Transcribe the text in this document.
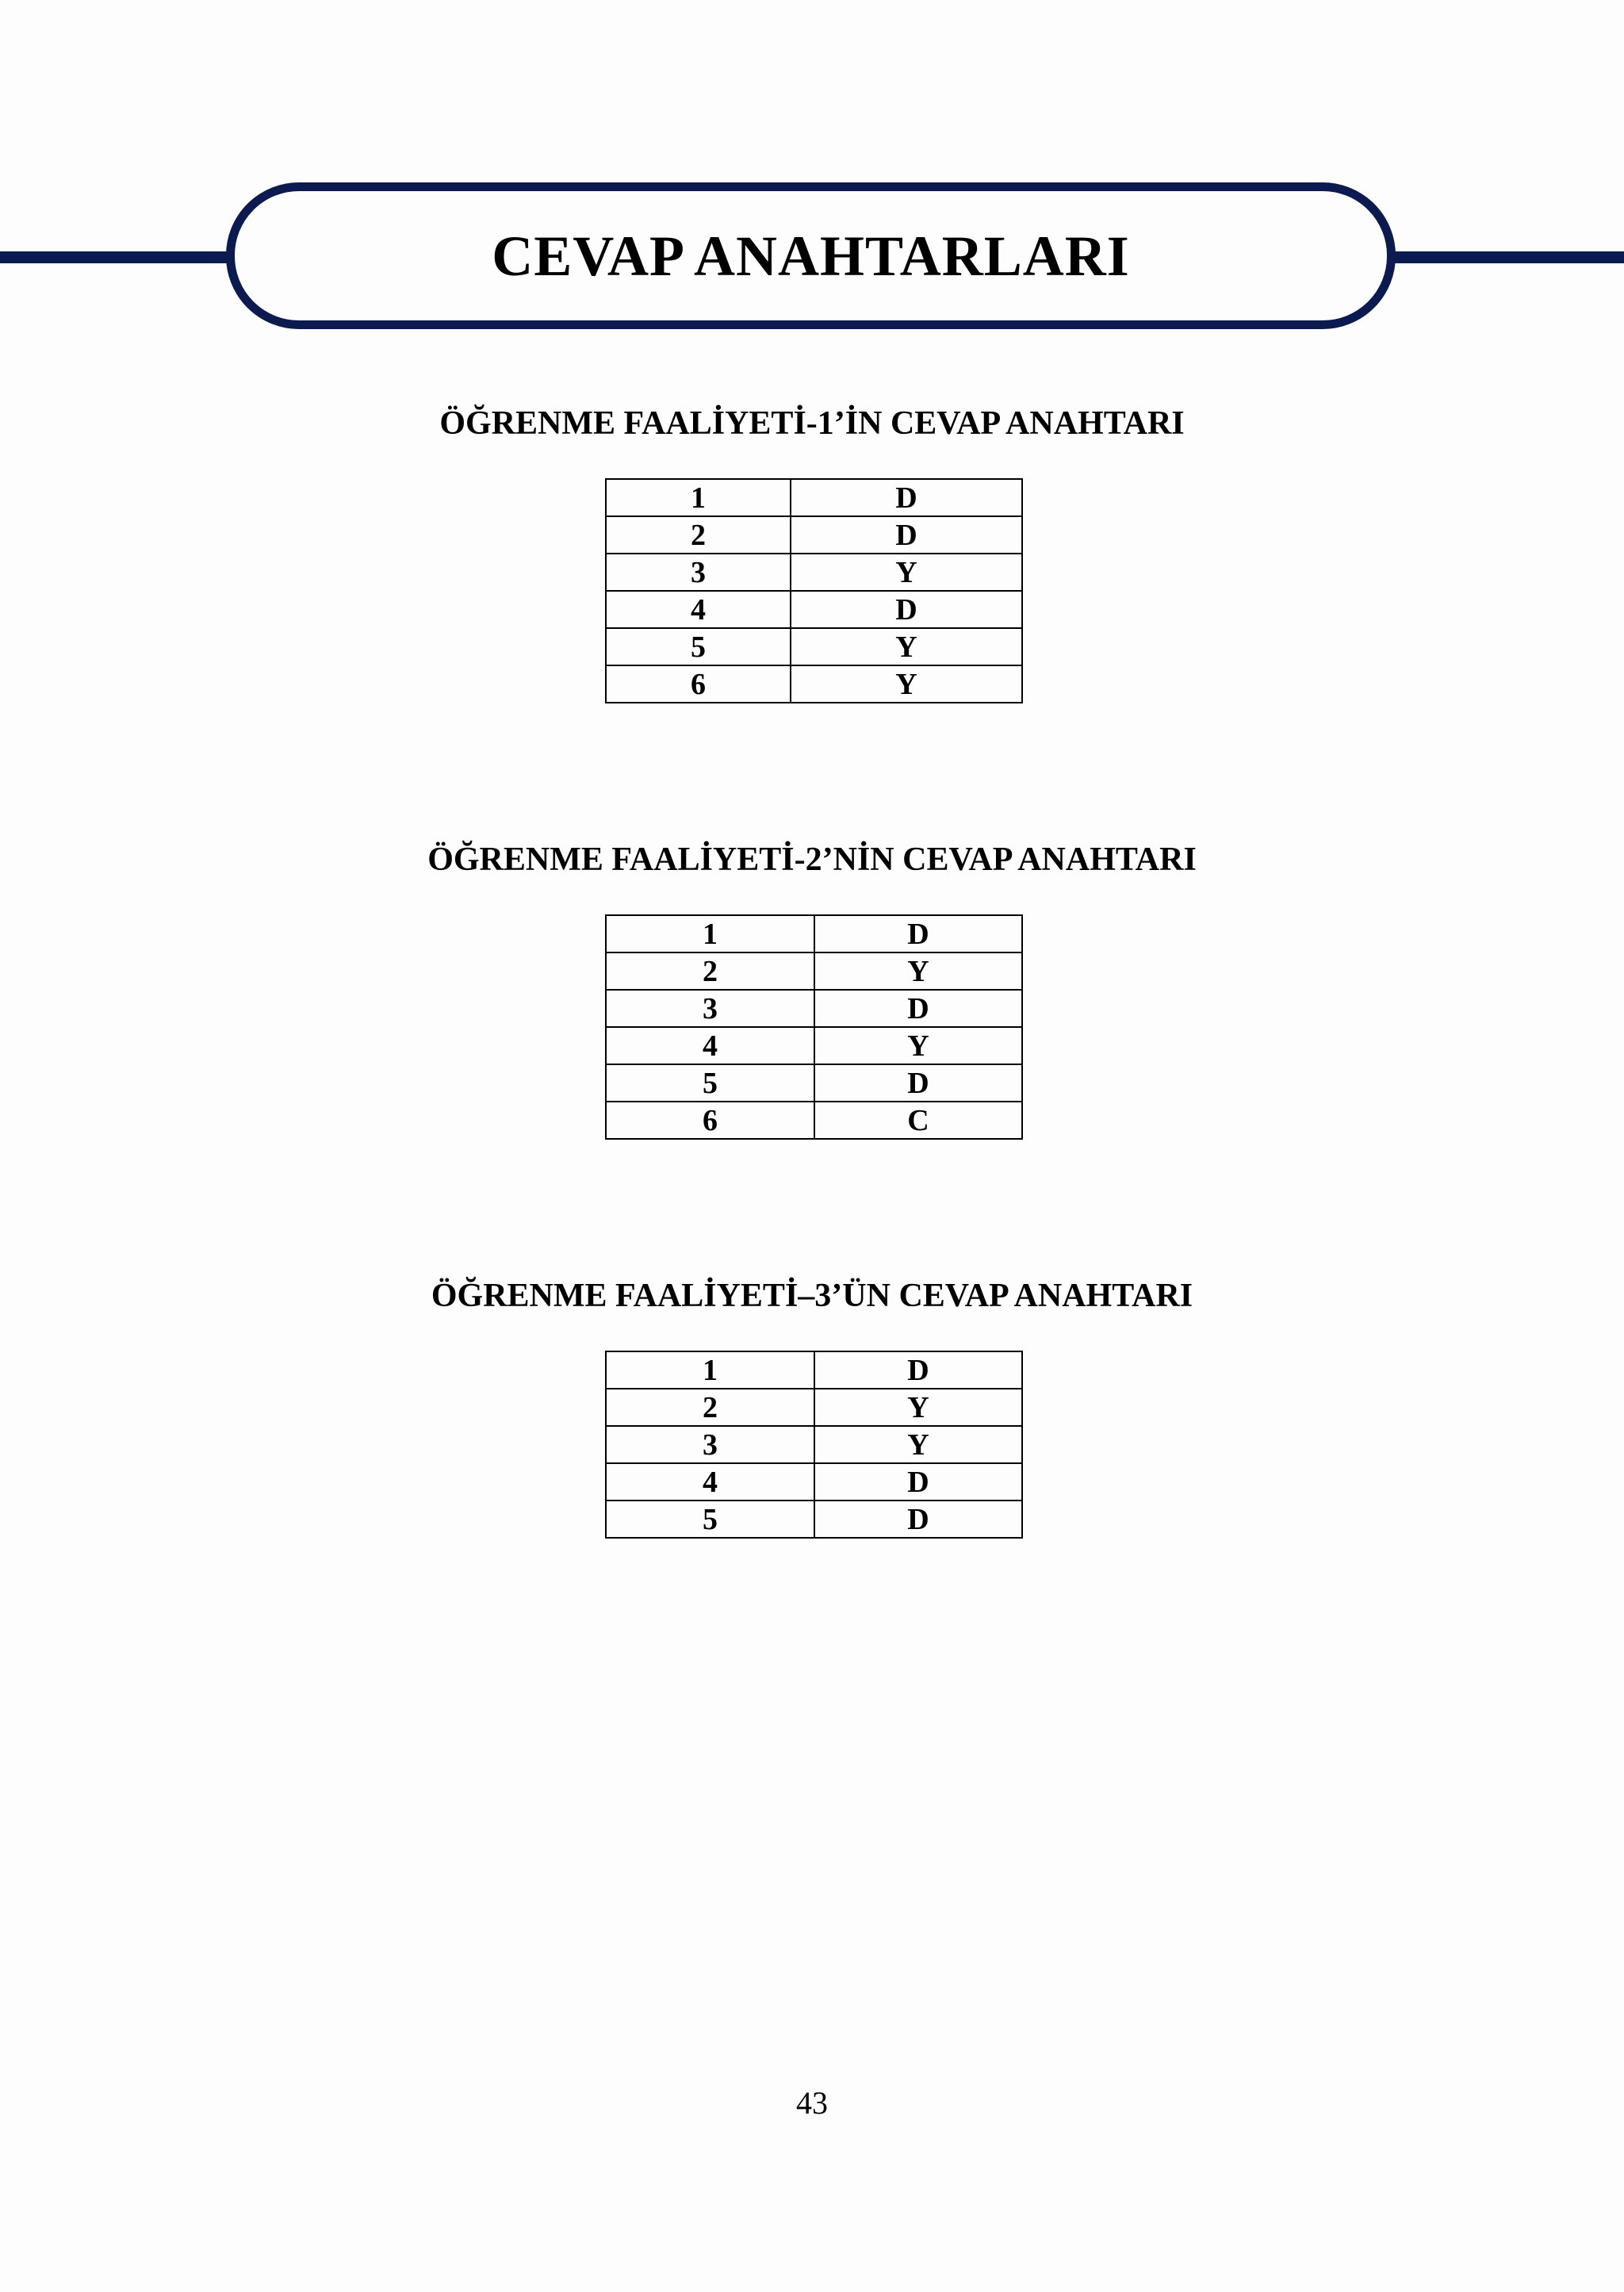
CEVAP ANAHTARLARI
ÖĞRENME FAALİYETİ-1’İN CEVAP ANAHTARI
1	D
2	D
3	Y
4	D
5	Y
6	Y
ÖĞRENME FAALİYETİ-2’NİN CEVAP ANAHTARI
1	D
2	Y
3	D
4	Y
5	D
6	C
ÖĞRENME FAALİYETİ–3’ÜN CEVAP ANAHTARI
1	D
2	Y
3	Y
4	D
5	D
43
